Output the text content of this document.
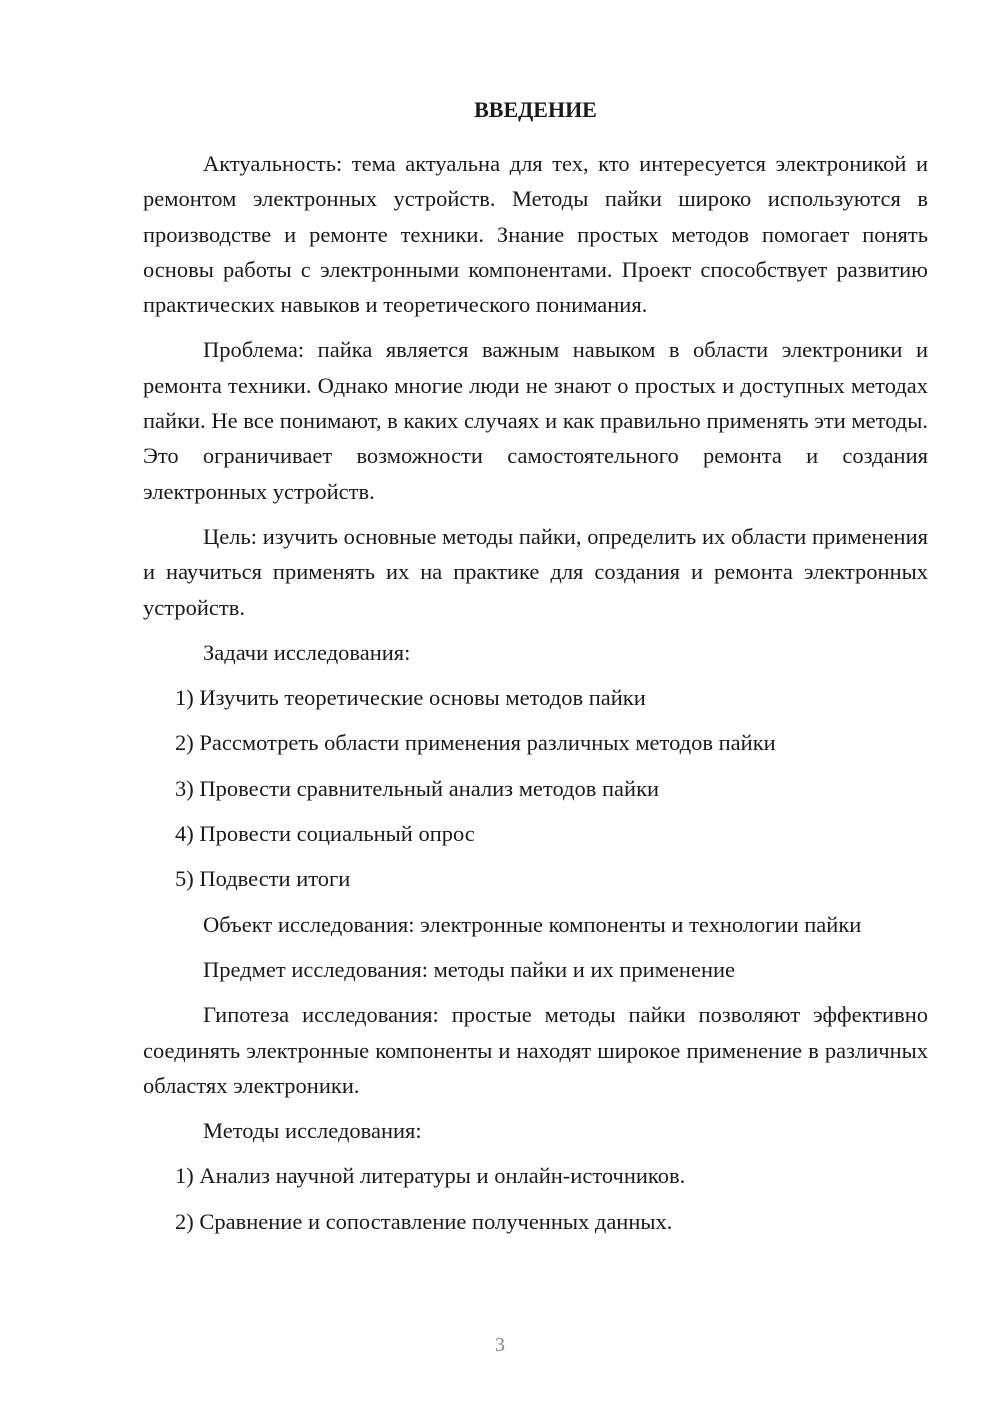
ВВЕДЕНИЕ

Актуальность: тема актуальна для тех, кто интересуется электроникой и ремонтом электронных устройств. Методы пайки широко используются в производстве и ремонте техники. Знание простых методов помогает понять основы работы с электронными компонентами. Проект способствует развитию практических навыков и теоретического понимания.

Проблема: пайка является важным навыком в области электроники и ремонта техники. Однако многие люди не знают о простых и доступных методах пайки. Не все понимают, в каких случаях и как правильно применять эти методы. Это ограничивает возможности самостоятельного ремонта и создания электронных устройств.

Цель: изучить основные методы пайки, определить их области применения и научиться применять их на практике для создания и ремонта электронных устройств.

Задачи исследования:

1) Изучить теоретические основы методов пайки

2) Рассмотреть области применения различных методов пайки

3) Провести сравнительный анализ методов пайки

4) Провести социальный опрос

5) Подвести итоги

Объект исследования: электронные компоненты и технологии пайки

Предмет исследования: методы пайки и их применение

Гипотеза исследования: простые методы пайки позволяют эффективно соединять электронные компоненты и находят широкое применение в различных областях электроники.

Методы исследования:

1) Анализ научной литературы и онлайн-источников.

2) Сравнение и сопоставление полученных данных.

3
